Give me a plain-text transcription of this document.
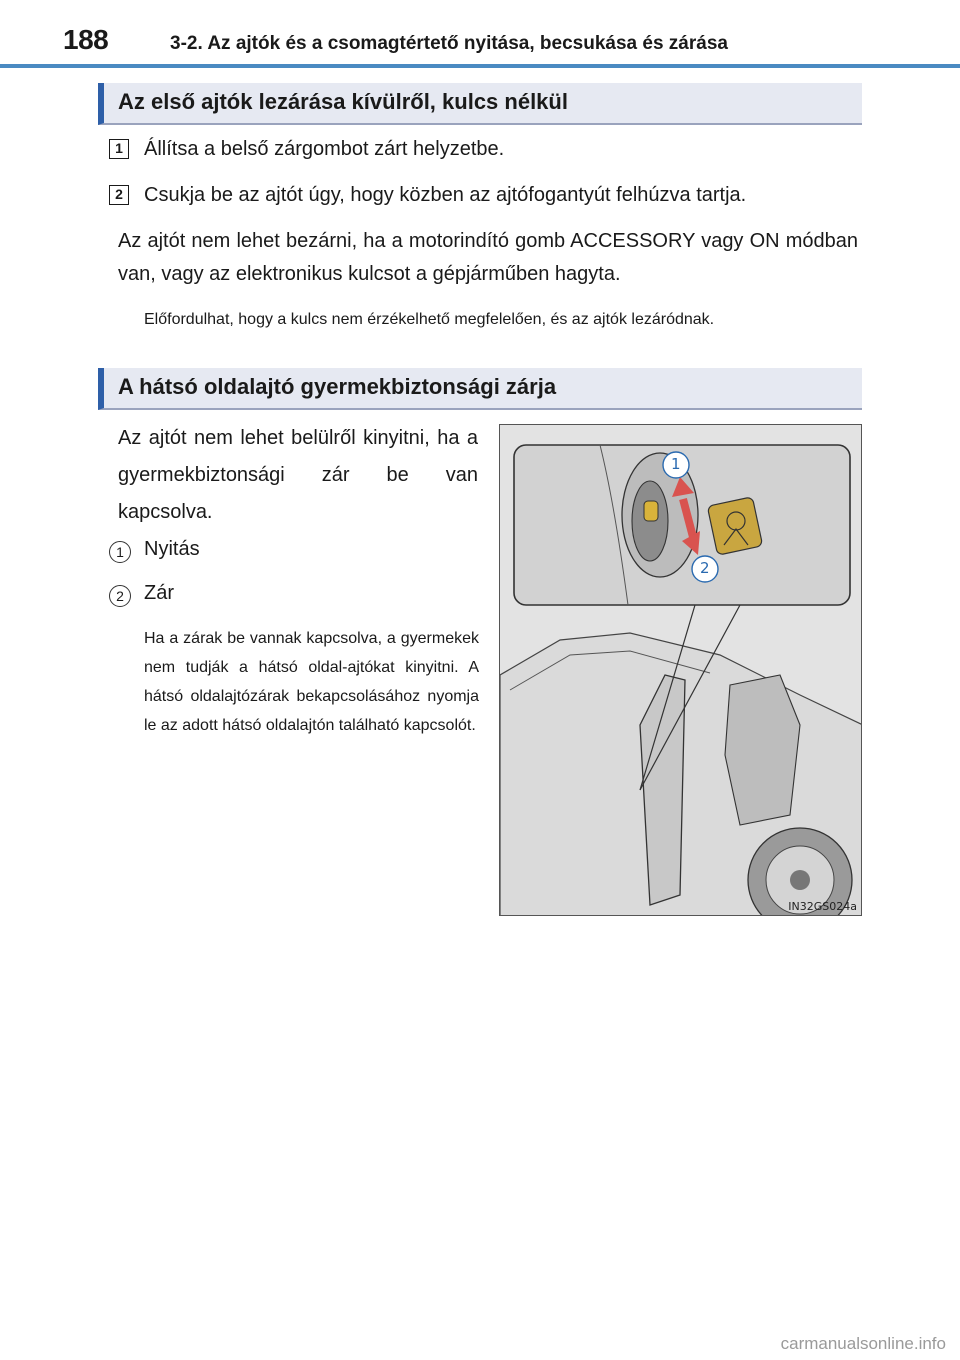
188	3-2. Az ajtók és a csomagtértető nyitása, becsukása és zárása
Az első ajtók lezárása kívülről, kulcs nélkül
1	Állítsa a belső zárgombot zárt helyzetbe.
2	Csukja be az ajtót úgy, hogy közben az ajtófogantyút felhúzva tartja.
Az ajtót nem lehet bezárni, ha a motorindító gomb ACCESSORY vagy ON módban van, vagy az elektronikus kulcsot a gépjárműben hagyta.
Előfordulhat, hogy a kulcs nem érzékelhető megfelelően, és az ajtók lezáródnak.
A hátsó oldalajtó gyermekbiztonsági zárja
Az ajtót nem lehet belülről kinyitni, ha a gyermekbiztonsági zár be van kapcsolva.
1	Nyitás
2	Zár
Ha a zárak be vannak kapcsolva, a gyermekek nem tudják a hátsó oldal-ajtókat kinyitni. A hátsó oldalajtózárak bekapcsolásához nyomja le az adott hátsó oldalajtón található kapcsolót.
1
2
IN32GS024a
carmanualsonline.info
